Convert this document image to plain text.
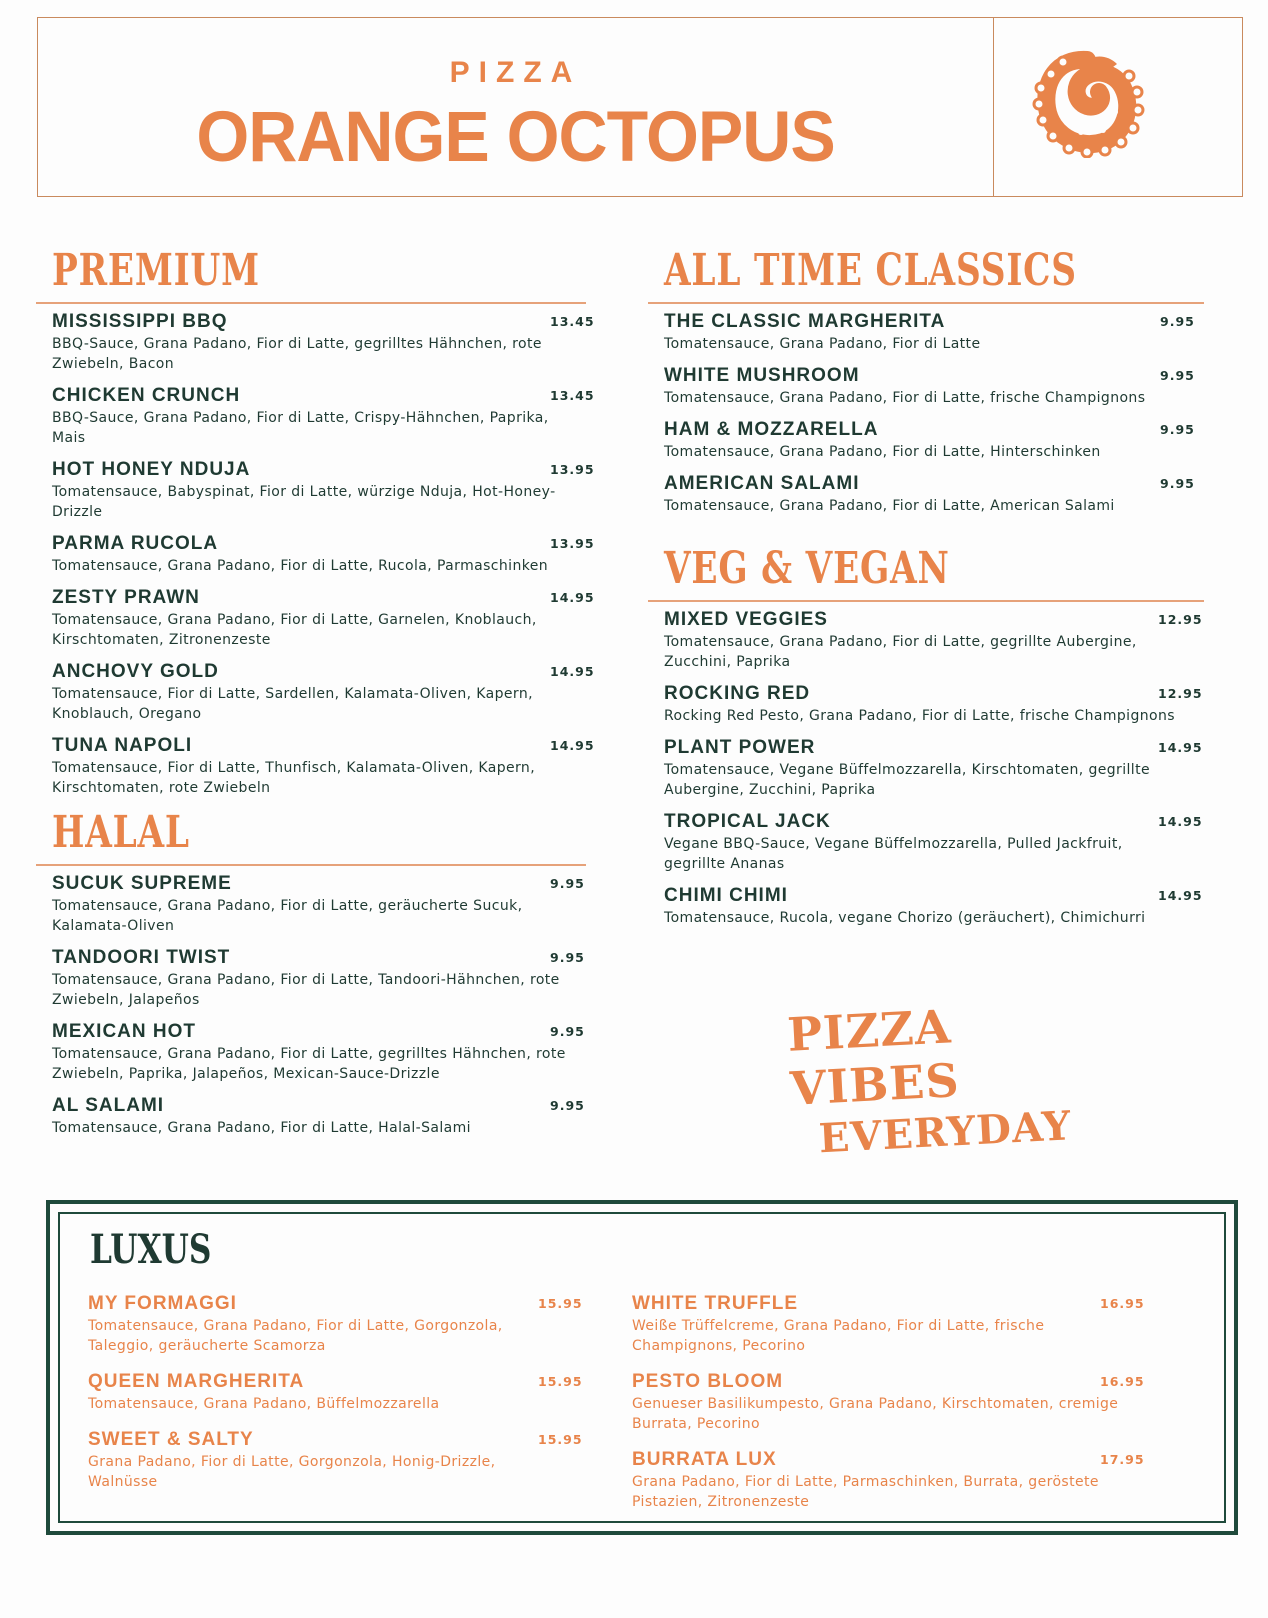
PIZZA
ORANGE OCTOPUS
PREMIUM
MISSISSIPPI BBQ	13.45
BBQ-Sauce, Grana Padano, Fior di Latte, gegrilltes Hähnchen, rote Zwiebeln, Bacon
CHICKEN CRUNCH	13.45
BBQ-Sauce, Grana Padano, Fior di Latte, Crispy-Hähnchen, Paprika, Mais
HOT HONEY NDUJA	13.95
Tomatensauce, Babyspinat, Fior di Latte, würzige Nduja, Hot-Honey-Drizzle
PARMA RUCOLA	13.95
Tomatensauce, Grana Padano, Fior di Latte, Rucola, Parmaschinken
ZESTY PRAWN	14.95
Tomatensauce, Grana Padano, Fior di Latte, Garnelen, Knoblauch, Kirschtomaten, Zitronenzeste
ANCHOVY GOLD	14.95
Tomatensauce, Fior di Latte, Sardellen, Kalamata-Oliven, Kapern, Knoblauch, Oregano
TUNA NAPOLI	14.95
Tomatensauce, Fior di Latte, Thunfisch, Kalamata-Oliven, Kapern, Kirschtomaten, rote Zwiebeln
HALAL
SUCUK SUPREME	9.95
Tomatensauce, Grana Padano, Fior di Latte, geräucherte Sucuk, Kalamata-Oliven
TANDOORI TWIST	9.95
Tomatensauce, Grana Padano, Fior di Latte, Tandoori-Hähnchen, rote Zwiebeln, Jalapeños
MEXICAN HOT	9.95
Tomatensauce, Grana Padano, Fior di Latte, gegrilltes Hähnchen, rote Zwiebeln, Paprika, Jalapeños, Mexican-Sauce-Drizzle
AL SALAMI	9.95
Tomatensauce, Grana Padano, Fior di Latte, Halal-Salami
ALL TIME CLASSICS
THE CLASSIC MARGHERITA	9.95
Tomatensauce, Grana Padano, Fior di Latte
WHITE MUSHROOM	9.95
Tomatensauce, Grana Padano, Fior di Latte, frische Champignons
HAM & MOZZARELLA	9.95
Tomatensauce, Grana Padano, Fior di Latte, Hinterschinken
AMERICAN SALAMI	9.95
Tomatensauce, Grana Padano, Fior di Latte, American Salami
VEG & VEGAN
MIXED VEGGIES	12.95
Tomatensauce, Grana Padano, Fior di Latte, gegrillte Aubergine, Zucchini, Paprika
ROCKING RED	12.95
Rocking Red Pesto, Grana Padano, Fior di Latte, frische Champignons
PLANT POWER	14.95
Tomatensauce, Vegane Büffelmozzarella, Kirschtomaten, gegrillte Aubergine, Zucchini, Paprika
TROPICAL JACK	14.95
Vegane BBQ-Sauce, Vegane Büffelmozzarella, Pulled Jackfruit, gegrillte Ananas
CHIMI CHIMI	14.95
Tomatensauce, Rucola, vegane Chorizo (geräuchert), Chimichurri
PIZZA VIBES
EVERYDAY
LUXUS
MY FORMAGGI	15.95
Tomatensauce, Grana Padano, Fior di Latte, Gorgonzola, Taleggio, geräucherte Scamorza
QUEEN MARGHERITA	15.95
Tomatensauce, Grana Padano, Büffelmozzarella
SWEET & SALTY	15.95
Grana Padano, Fior di Latte, Gorgonzola, Honig-Drizzle, Walnüsse
WHITE TRUFFLE	16.95
Weiße Trüffelcreme, Grana Padano, Fior di Latte, frische Champignons, Pecorino
PESTO BLOOM	16.95
Genueser Basilikumpesto, Grana Padano, Kirschtomaten, cremige Burrata, Pecorino
BURRATA LUX	17.95
Grana Padano, Fior di Latte, Parmaschinken, Burrata, geröstete Pistazien, Zitronenzeste
